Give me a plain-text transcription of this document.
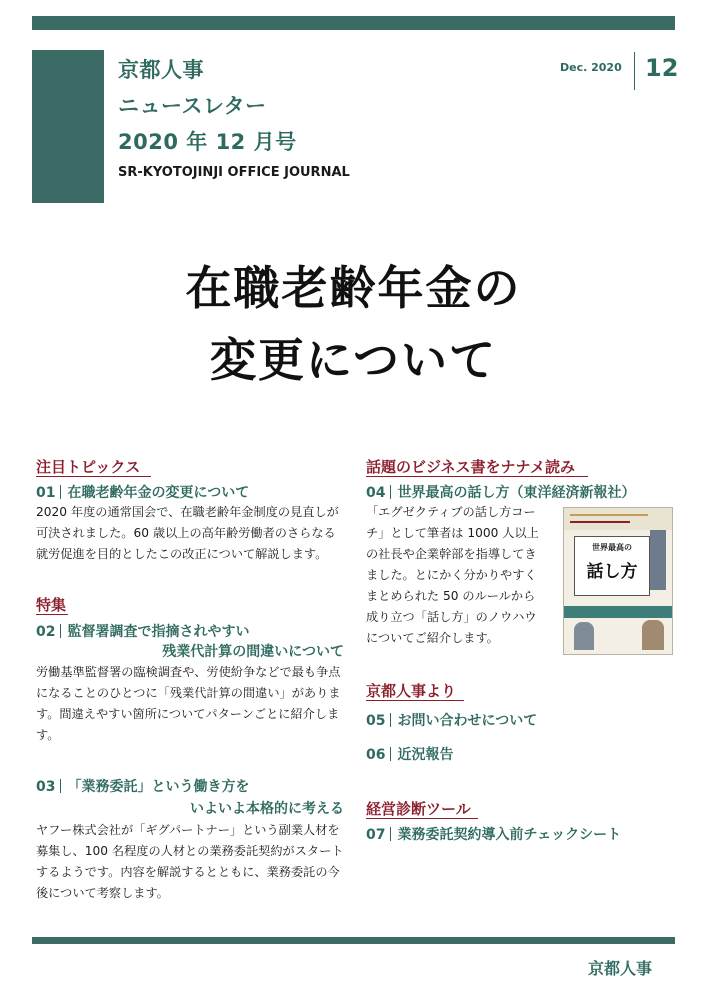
京都人事
ニュースレター
2020 年 12 月号
SR-KYOTOJINJI OFFICE JOURNAL
Dec. 2020 12
在職老齢年金の
変更について
注目トピックス
01 在職老齢年金の変更について
2020 年度の通常国会で、在職老齢年金制度の見直しが
可決されました。60 歳以上の高年齢労働者のさらなる
就労促進を目的としたこの改正について解説します。
特集
02 監督署調査で指摘されやすい
残業代計算の間違いについて
労働基準監督署の臨検調査や、労使紛争などで最も争点
になることのひとつに「残業代計算の間違い」がありま
す。間違えやすい箇所についてパターンごとに紹介しま
す。
03 「業務委託」という働き方を
いよいよ本格的に考える
ヤフー株式会社が「ギグパートナー」という副業人材を
募集し、100 名程度の人材との業務委託契約がスタート
するようです。内容を解説するとともに、業務委託の今
後について考察します。
話題のビジネス書をナナメ読み
04 世界最高の話し方（東洋経済新報社）
「エグゼクティブの話し方コー
チ」として筆者は 1000 人以上
の社長や企業幹部を指導してき
ました。とにかく分かりやすく
まとめられた 50 のルールから
成り立つ「話し方」のノウハウ
についてご紹介します。
世界最高の
話し方
京都人事より
05 お問い合わせについて
06 近況報告
経営診断ツール
07 業務委託契約導入前チェックシート
京都人事
